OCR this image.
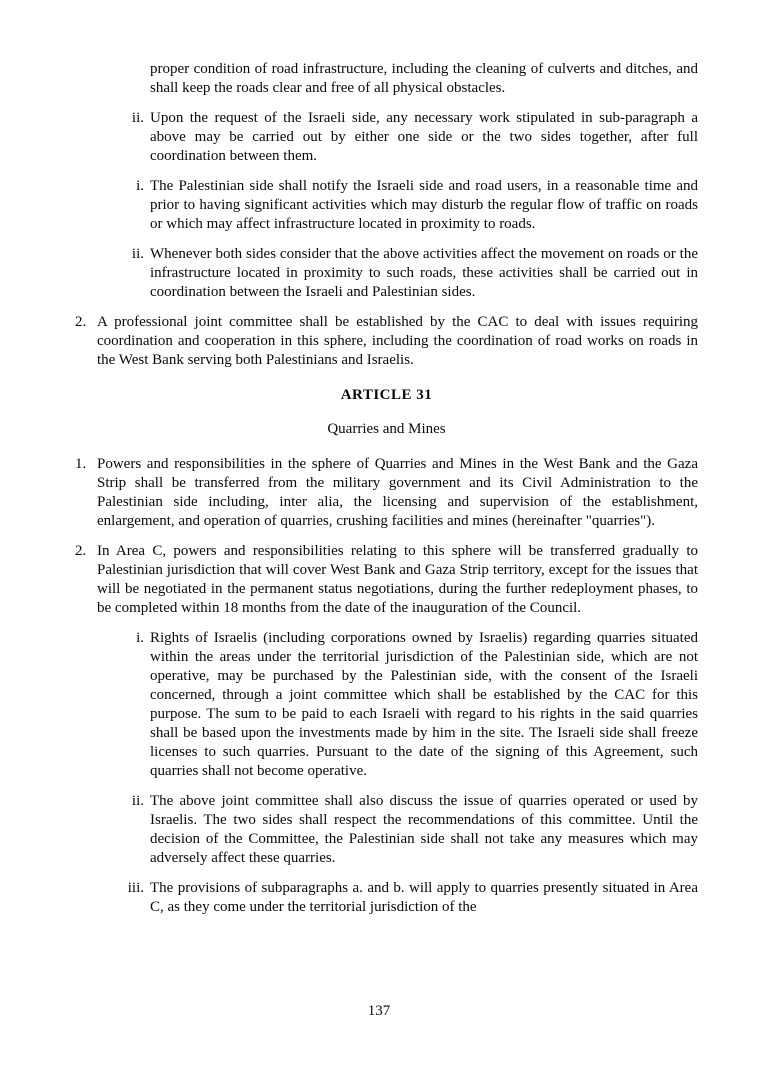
proper condition of road infrastructure, including the cleaning of culverts and ditches, and shall keep the roads clear and free of all physical obstacles.

ii. Upon the request of the Israeli side, any necessary work stipulated in sub-paragraph a above may be carried out by either one side or the two sides together, after full coordination between them.
i. The Palestinian side shall notify the Israeli side and road users, in a reasonable time and prior to having significant activities which may disturb the regular flow of traffic on roads or which may affect infrastructure located in proximity to roads.
ii. Whenever both sides consider that the above activities affect the movement on roads or the infrastructure located in proximity to such roads, these activities shall be carried out in coordination between the Israeli and Palestinian sides.
2. A professional joint committee shall be established by the CAC to deal with issues requiring coordination and cooperation in this sphere, including the coordination of road works on roads in the West Bank serving both Palestinians and Israelis.
ARTICLE 31
Quarries and Mines
1. Powers and responsibilities in the sphere of Quarries and Mines in the West Bank and the Gaza Strip shall be transferred from the military government and its Civil Administration to the Palestinian side including, inter alia, the licensing and supervision of the establishment, enlargement, and operation of quarries, crushing facilities and mines (hereinafter "quarries").
2. In Area C, powers and responsibilities relating to this sphere will be transferred gradually to Palestinian jurisdiction that will cover West Bank and Gaza Strip territory, except for the issues that will be negotiated in the permanent status negotiations, during the further redeployment phases, to be completed within 18 months from the date of the inauguration of the Council.
i. Rights of Israelis (including corporations owned by Israelis) regarding quarries situated within the areas under the territorial jurisdiction of the Palestinian side, which are not operative, may be purchased by the Palestinian side, with the consent of the Israeli concerned, through a joint committee which shall be established by the CAC for this purpose. The sum to be paid to each Israeli with regard to his rights in the said quarries shall be based upon the investments made by him in the site. The Israeli side shall freeze licenses to such quarries. Pursuant to the date of the signing of this Agreement, such quarries shall not become operative.
ii. The above joint committee shall also discuss the issue of quarries operated or used by Israelis. The two sides shall respect the recommendations of this committee. Until the decision of the Committee, the Palestinian side shall not take any measures which may adversely affect these quarries.
iii. The provisions of subparagraphs a. and b. will apply to quarries presently situated in Area C, as they come under the territorial jurisdiction of the
137
